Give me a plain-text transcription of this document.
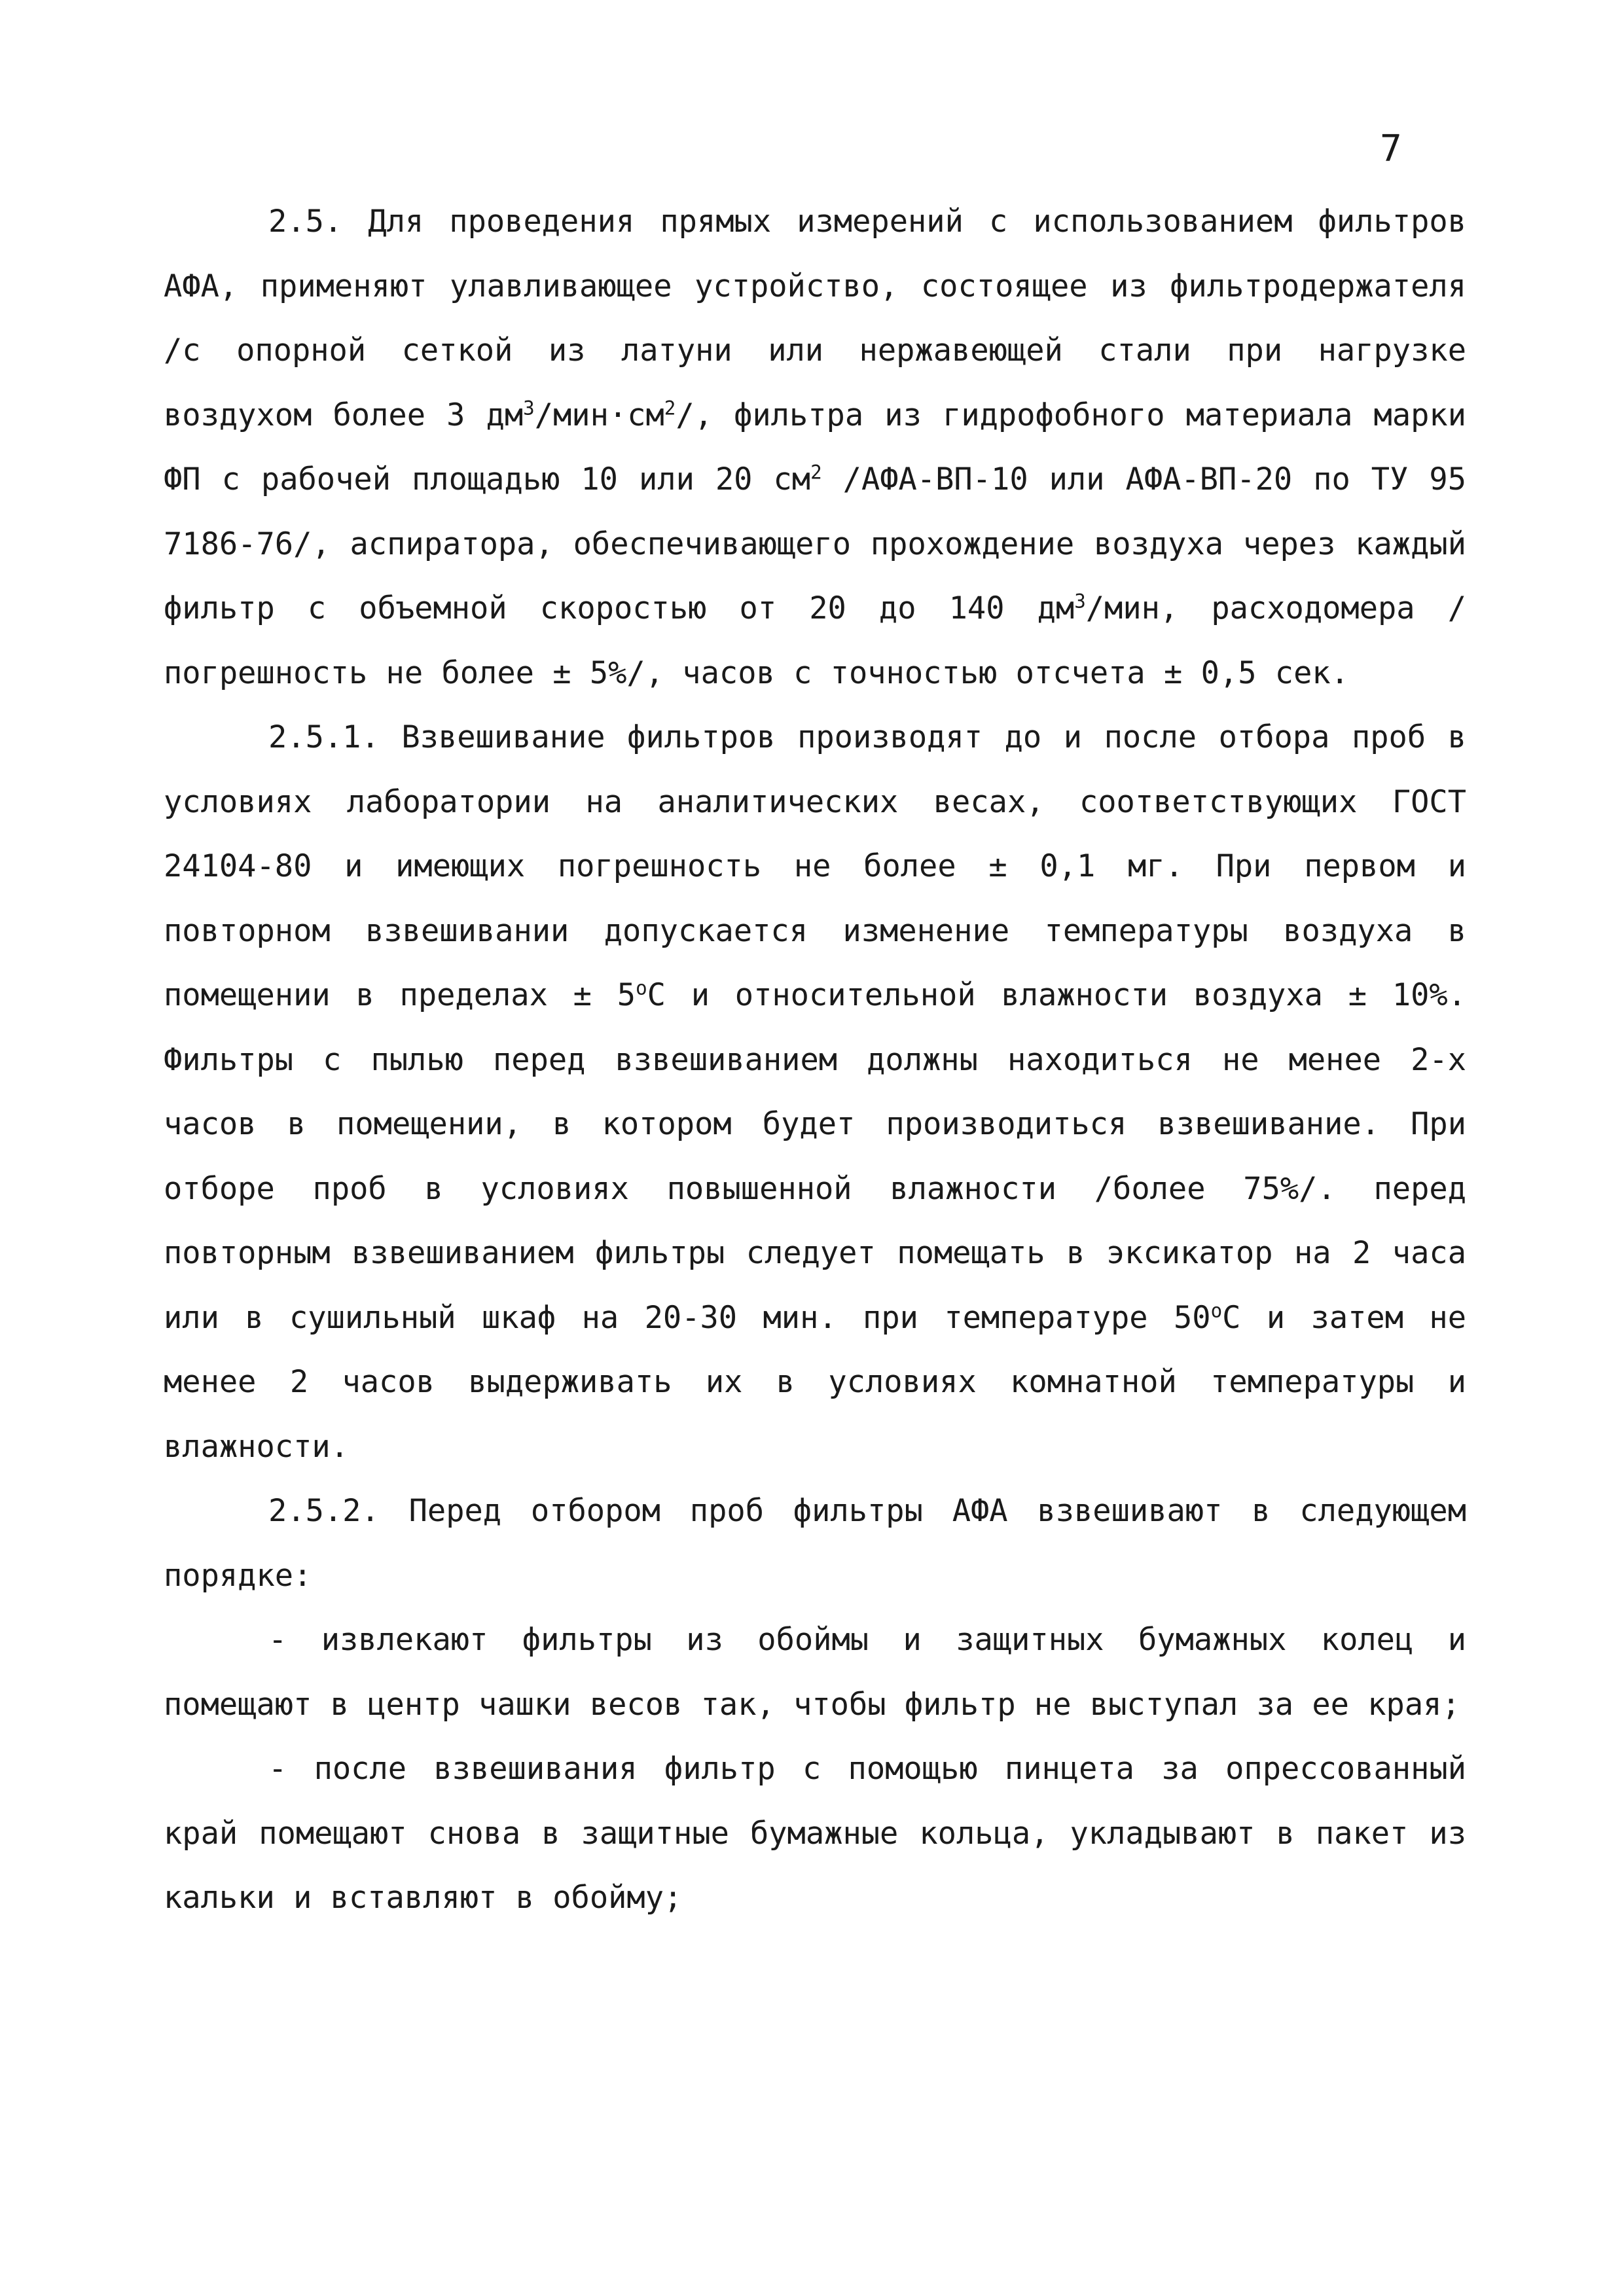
7

2.5. Для проведения прямых измерений с использованием фильтров АФА, применяют улавливающее устройство, состоящее из фильтродержателя /с опорной сеткой из латуни или нержавеющей стали при нагрузке воздухом более 3 $дм^3/мин\cdot см^2/$, фильтра из гидрофобного материала марки ФП с рабочей площадью 10 или 20 $см^2$ /АФА-ВП-10 или АФА-ВП-20 по ТУ 95 7186-76/, аспиратора, обеспечивающего прохождение воздуха через каждый фильтр с объемной скоростью от 20 до 140 $дм^3$/мин, расходомера /погрешность не более ± 5%/, часов с точностью отсчета ± 0,5 сек.

2.5.1. Взвешивание фильтров производят до и после отбора проб в условиях лаборатории на аналитических весах, соответствующих ГОСТ 24104-80 и имеющих погрешность не более ± 0,1 мг. При первом и повторном взвешивании допускается изменение температуры воздуха в помещении в пределах ± $5^оС$ и относительной влажности воздуха ± 10%. Фильтры с пылью перед взвешиванием должны находиться не менее 2-х часов в помещении, в котором будет производиться взвешивание. При отборе проб в условиях повышенной влажности /более 75%/. перед повторным взвешиванием фильтры следует помещать в эксикатор на 2 часа или в сушильный шкаф на 20-30 мин. при температуре $50^оС$ и затем не менее 2 часов выдерживать их в условиях комнатной температуры и влажности.

2.5.2. Перед отбором проб фильтры АФА взвешивают в следующем порядке:

- извлекают фильтры из обоймы и защитных бумажных колец и помещают в центр чашки весов так, чтобы фильтр не выступал за ее края;

- после взвешивания фильтр с помощью пинцета за опрессованный край помещают снова в защитные бумажные кольца, укладывают в пакет из кальки и вставляют в обойму;
